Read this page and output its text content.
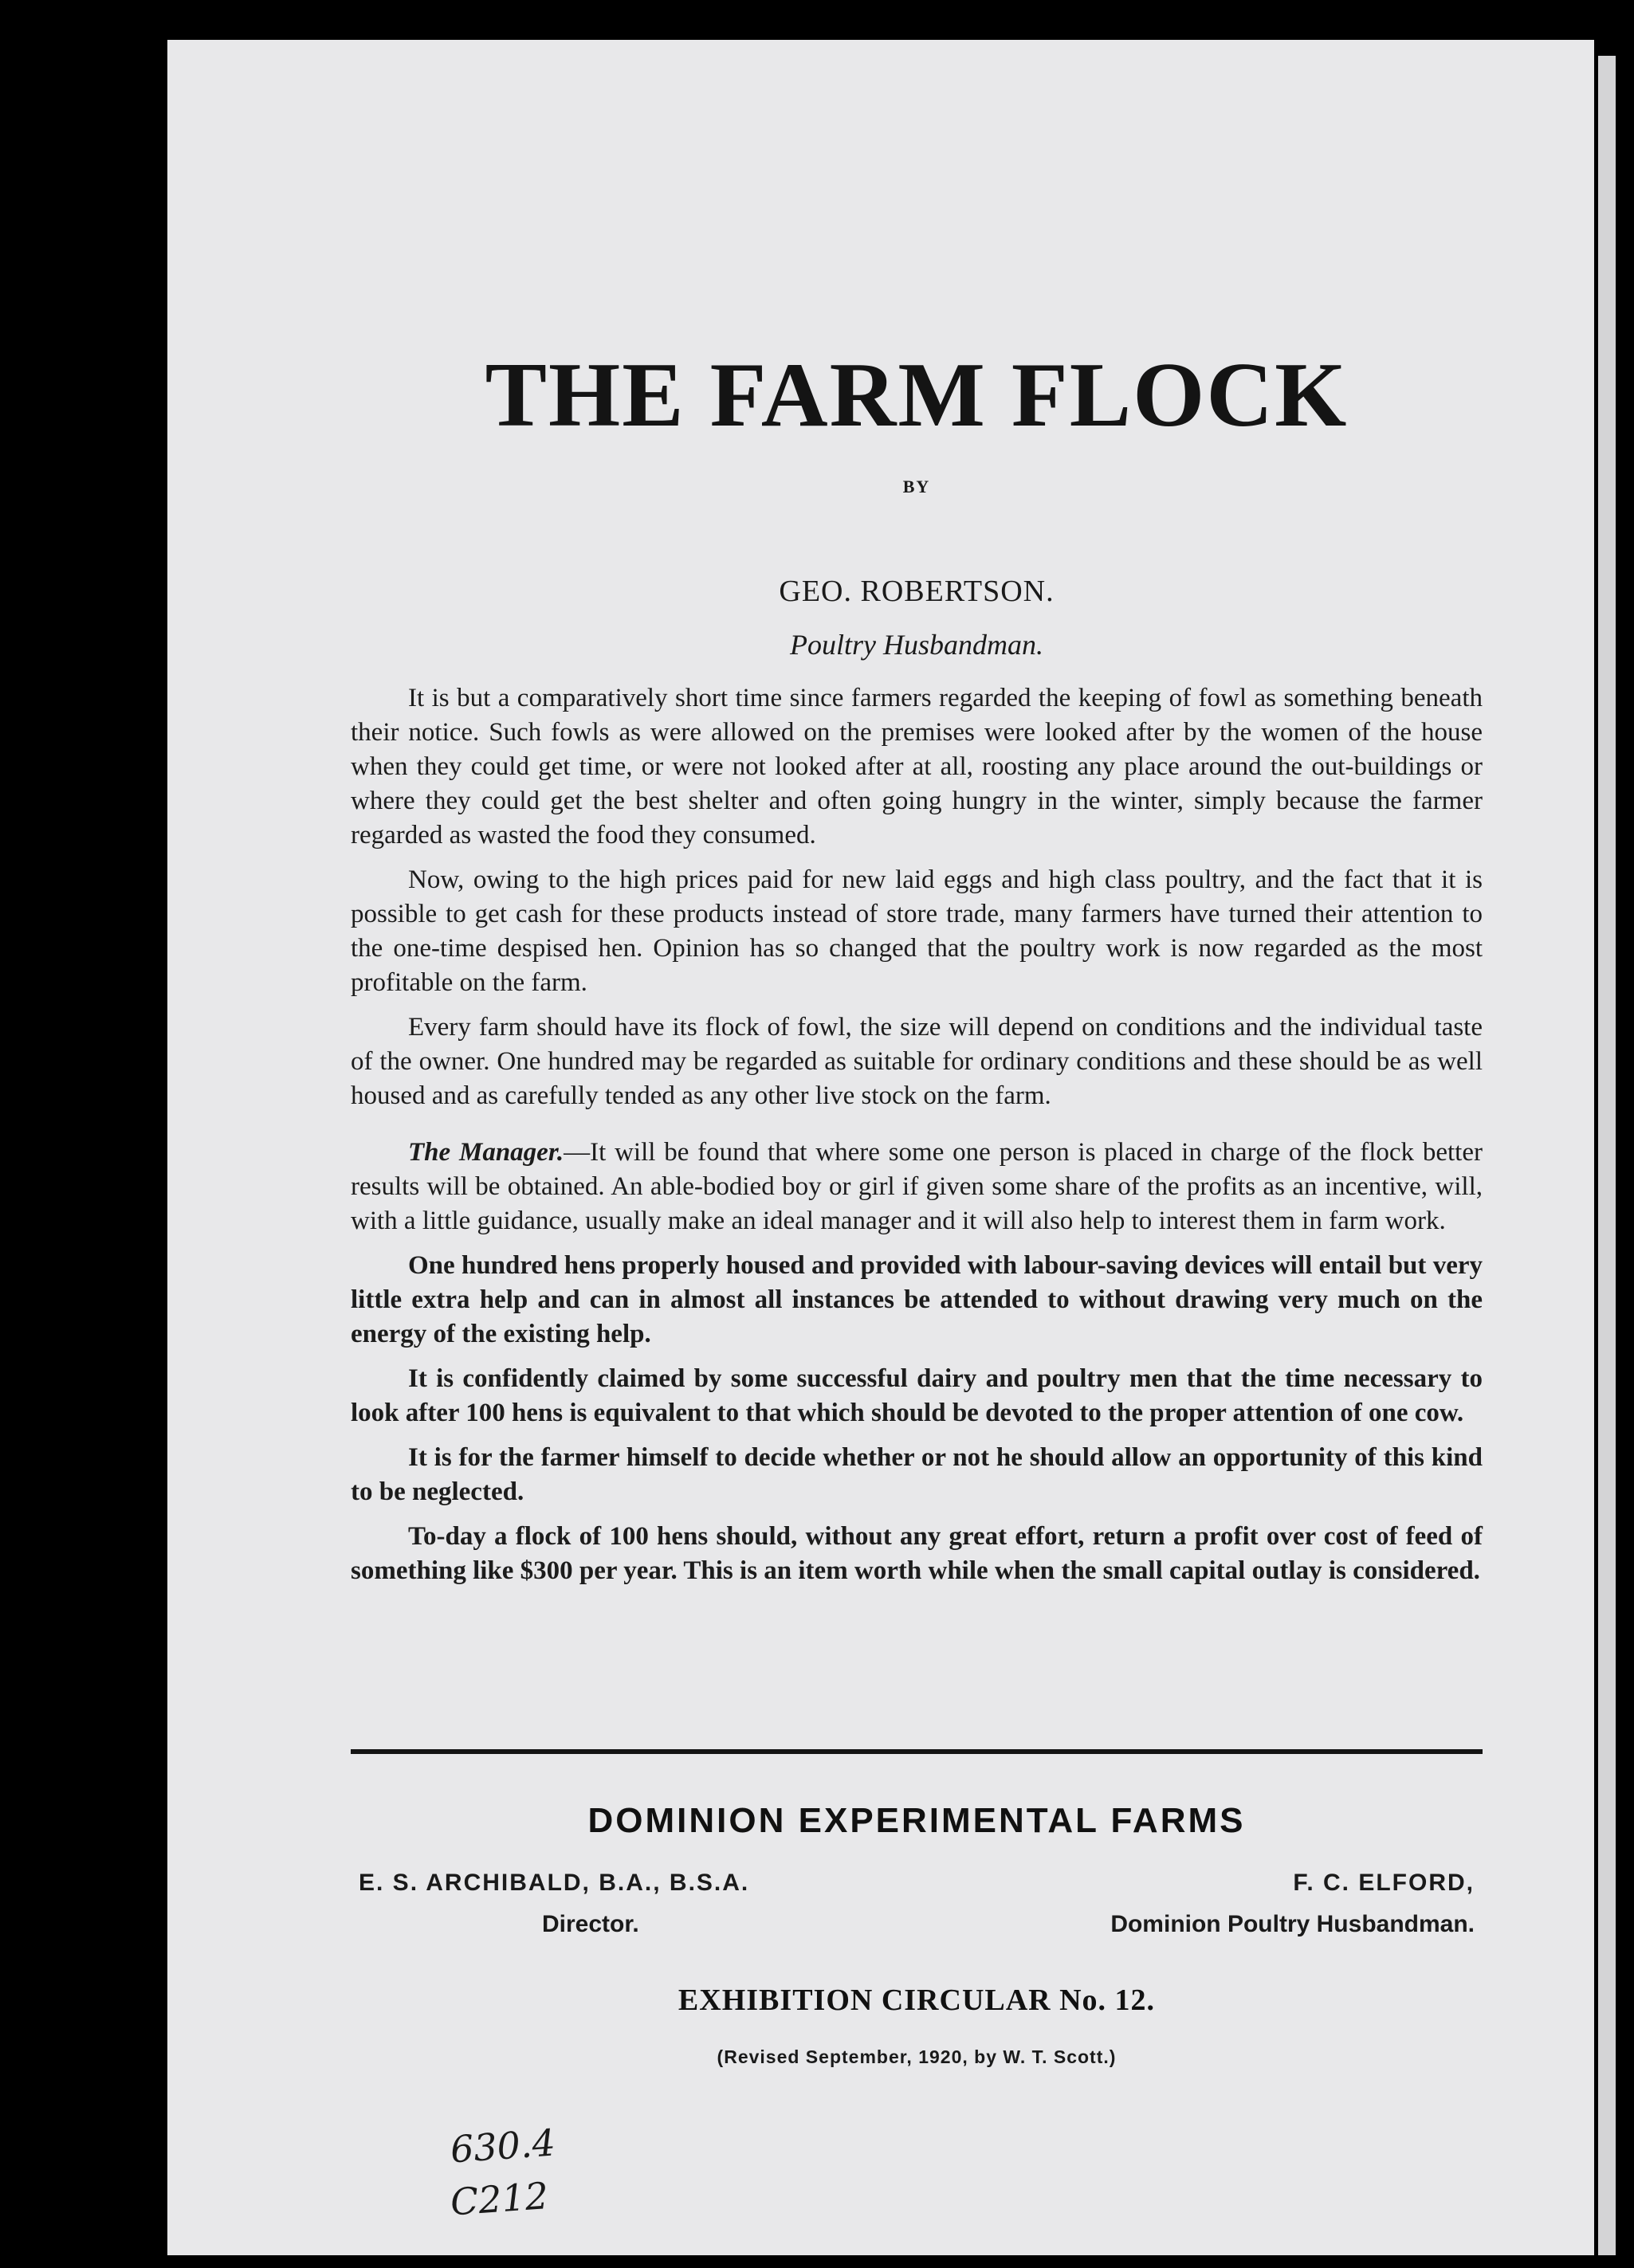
THE FARM FLOCK
BY
GEO. ROBERTSON.
Poultry Husbandman.

It is but a comparatively short time since farmers regarded the keeping of fowl as something beneath their notice. Such fowls as were allowed on the premises were looked after by the women of the house when they could get time, or were not looked after at all, roosting any place around the out-buildings or where they could get the best shelter and often going hungry in the winter, simply because the farmer regarded as wasted the food they consumed.

Now, owing to the high prices paid for new laid eggs and high class poultry, and the fact that it is possible to get cash for these products instead of store trade, many farmers have turned their attention to the one-time despised hen. Opinion has so changed that the poultry work is now regarded as the most profitable on the farm.

Every farm should have its flock of fowl, the size will depend on conditions and the individual taste of the owner. One hundred may be regarded as suitable for ordinary conditions and these should be as well housed and as carefully tended as any other live stock on the farm.

The Manager.—It will be found that where some one person is placed in charge of the flock better results will be obtained. An able-bodied boy or girl if given some share of the profits as an incentive, will, with a little guidance, usually make an ideal manager and it will also help to interest them in farm work.

One hundred hens properly housed and provided with labour-saving devices will entail but very little extra help and can in almost all instances be attended to without drawing very much on the energy of the existing help.

It is confidently claimed by some successful dairy and poultry men that the time necessary to look after 100 hens is equivalent to that which should be devoted to the proper attention of one cow.

It is for the farmer himself to decide whether or not he should allow an opportunity of this kind to be neglected.

To-day a flock of 100 hens should, without any great effort, return a profit over cost of feed of something like $300 per year. This is an item worth while when the small capital outlay is considered.

DOMINION EXPERIMENTAL FARMS
E. S. ARCHIBALD, B.A., B.S.A.
Director.
F. C. ELFORD,
Dominion Poultry Husbandman.
EXHIBITION CIRCULAR No. 12.
(Revised September, 1920, by W. T. Scott.)
630.4
C212
